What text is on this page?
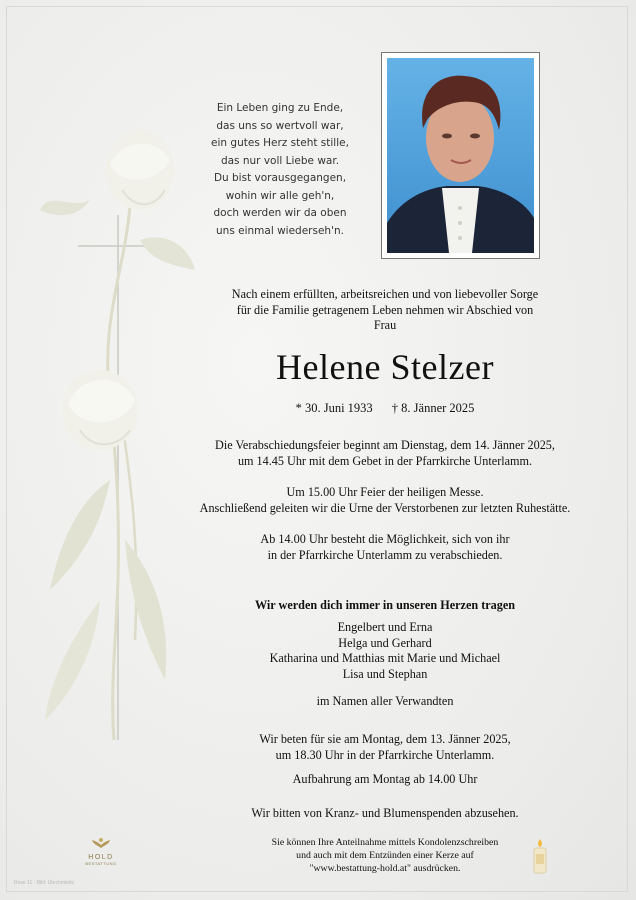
Ein Leben ging zu Ende,
das uns so wertvoll war,
ein gutes Herz steht stille,
das nur voll Liebe war.
Du bist vorausgegangen,
wohin wir alle geh'n,
doch werden wir da oben
uns einmal wiederseh'n.
Nach einem erfüllten, arbeitsreichen und von liebevoller Sorge
für die Familie getragenem Leben nehmen wir Abschied von
Frau
Helene Stelzer
* 30. Juni 1933 † 8. Jänner 2025
Die Verabschiedungsfeier beginnt am Dienstag, dem 14. Jänner 2025,
um 14.45 Uhr mit dem Gebet in der Pfarrkirche Unterlamm.
Um 15.00 Uhr Feier der heiligen Messe.
Anschließend geleiten wir die Urne der Verstorbenen zur letzten Ruhestätte.
Ab 14.00 Uhr besteht die Möglichkeit, sich von ihr
in der Pfarrkirche Unterlamm zu verabschieden.
Wir werden dich immer in unseren Herzen tragen
Engelbert und Erna
Helga und Gerhard
Katharina und Matthias mit Marie und Michael
Lisa und Stephan
im Namen aller Verwandten
Wir beten für sie am Montag, dem 13. Jänner 2025,
um 18.30 Uhr in der Pfarrkirche Unterlamm.
Aufbahrung am Montag ab 14.00 Uhr
Wir bitten von Kranz- und Blumenspenden abzusehen.
Sie können Ihre Anteilnahme mittels Kondolenzschreiben
und auch mit dem Entzünden einer Kerze auf
"www.bestattung-hold.at" ausdrücken.
HOLD
BESTATTUNG
Rose 11 - Bild: Utechmiettz
